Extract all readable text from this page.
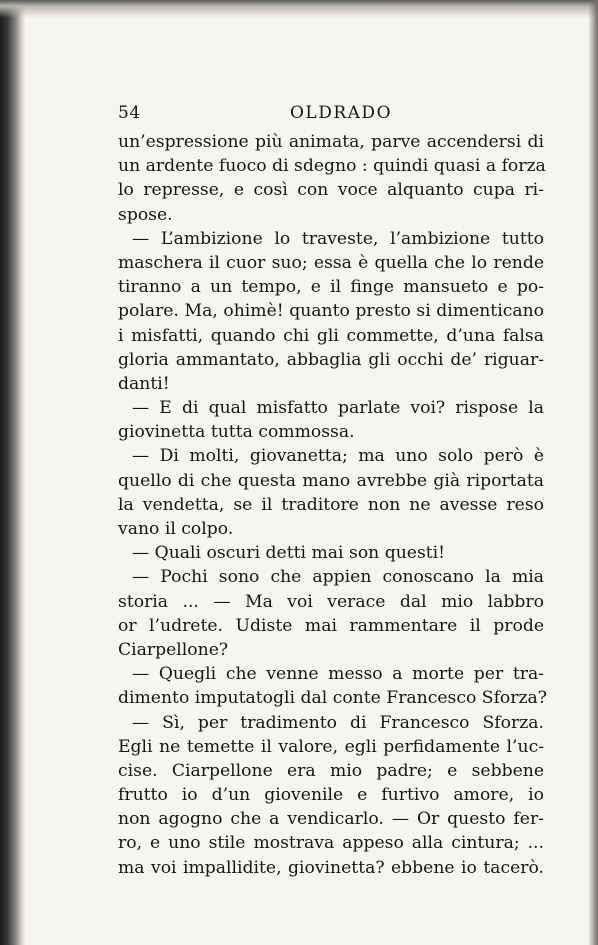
54	OLDRADO
un’espressione più animata, parve accendersi di
un ardente fuoco di sdegno : quindi quasi a forza
lo represse, e così con voce alquanto cupa ri-
spose.
— L’ambizione lo traveste, l’ambizione tutto
maschera il cuor suo; essa è quella che lo rende
tiranno a un tempo, e il finge mansueto e po-
polare. Ma, ohimè! quanto presto si dimenticano
i misfatti, quando chi gli commette, d’una falsa
gloria ammantato, abbaglia gli occhi de’ riguar-
danti!
— E di qual misfatto parlate voi? rispose la
giovinetta tutta commossa.
— Di molti, giovanetta; ma uno solo però è
quello di che questa mano avrebbe già riportata
la vendetta, se il traditore non ne avesse reso
vano il colpo.
— Quali oscuri detti mai son questi!
— Pochi sono che appien conoscano la mia
storia ... — Ma voi verace dal mio labbro
or l’udrete. Udiste mai rammentare il prode
Ciarpellone?
— Quegli che venne messo a morte per tra-
dimento imputatogli dal conte Francesco Sforza?
— Sì, per tradimento di Francesco Sforza.
Egli ne temette il valore, egli perfidamente l’uc-
cise. Ciarpellone era mio padre; e sebbene
frutto io d’un giovenile e furtivo amore, io
non agogno che a vendicarlo. — Or questo fer-
ro, e uno stile mostrava appeso alla cintura; ...
ma voi impallidite, giovinetta? ebbene io tacerò.
